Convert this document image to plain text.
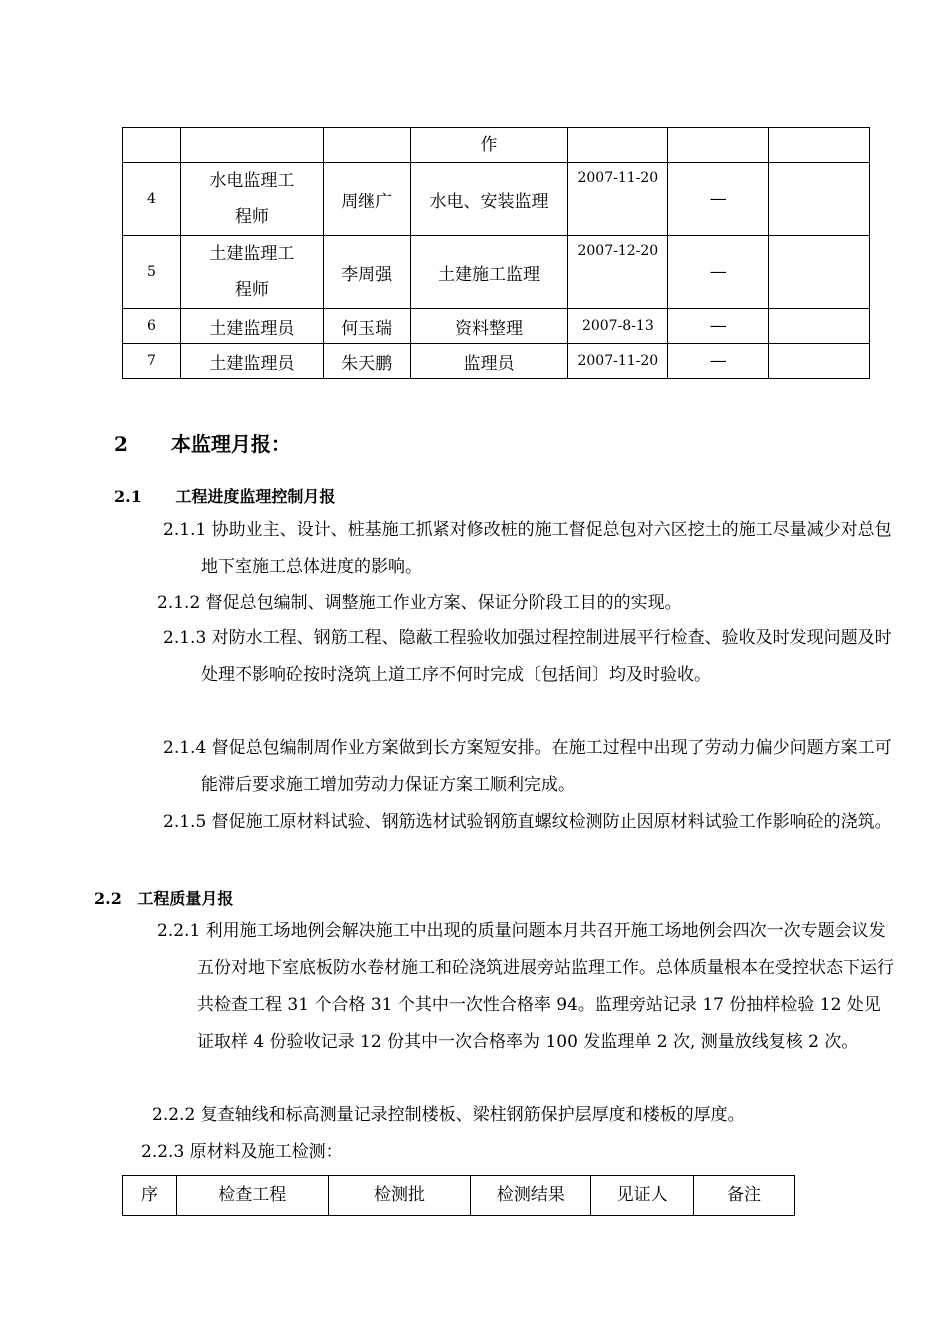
			作			
4	水电监理工程师	周继广	水电、安装监理	2007-11-20	—	
5	土建监理工程师	李周强	土建施工监理	2007-12-20	—	
6	土建监理员	何玉瑞	资料整理	2007-8-13	—	
7	土建监理员	朱天鹏	监理员	2007-11-20	—	
2 本监理月报：
2.1 工程进度监理控制月报

2.1.1 协助业主、设计、桩基施工抓紧对修改桩的施工督促总包对六区挖土的施工尽量减少对总包地下室施工总体进度的影响。

2.1.2 督促总包编制、调整施工作业方案、保证分阶段工目的的实现。

2.1.3 对防水工程、钢筋工程、隐蔽工程验收加强过程控制进展平行检查、验收及时发现问题及时处理不影响砼按时浇筑上道工序不何时完成〔包括间〕均及时验收。

2.1.4 督促总包编制周作业方案做到长方案短安排。在施工过程中出现了劳动力偏少问题方案工可能滞后要求施工增加劳动力保证方案工顺利完成。

2.1.5 督促施工原材料试验、钢筋选材试验钢筋直螺纹检测防止因原材料试验工作影响砼的浇筑。

2.2 工程质量月报

2.2.1 利用施工场地例会解决施工中出现的质量问题本月共召开施工场地例会四次一次专题会议发五份对地下室底板防水卷材施工和砼浇筑进展旁站监理工作。总体质量根本在受控状态下运行共检查工程 31 个合格 31 个其中一次性合格率 94。监理旁站记录 17 份抽样检验 12 处见证取样 4 份验收记录 12 份其中一次合格率为 100 发监理单 2 次, 测量放线复核 2 次。

2.2.2 复查轴线和标高测量记录控制楼板、梁柱钢筋保护层厚度和楼板的厚度。

2.2.3 原材料及施工检测：

序	检查工程	检测批	检测结果	见证人	备注
